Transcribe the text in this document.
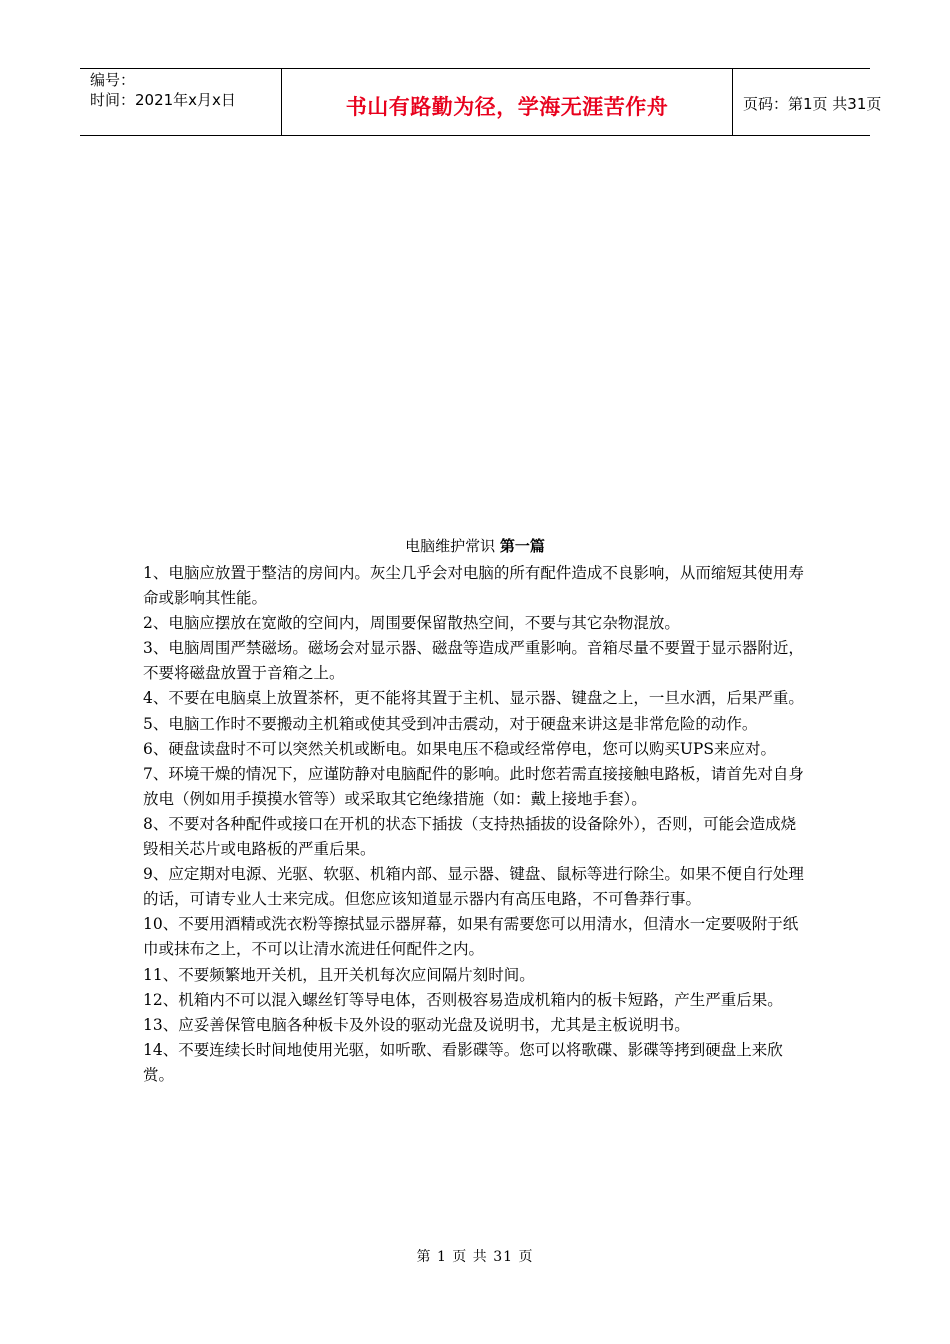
编号：
时间：2021年x月x日	书山有路勤为径，学海无涯苦作舟	页码：第1页 共31页
电脑维护常识 第一篇

1、电脑应放置于整洁的房间内。灰尘几乎会对电脑的所有配件造成不良影响，从而缩短其使用寿命或影响其性能。

2、电脑应摆放在宽敞的空间内，周围要保留散热空间，不要与其它杂物混放。

3、电脑周围严禁磁场。磁场会对显示器、磁盘等造成严重影响。音箱尽量不要置于显示器附近，不要将磁盘放置于音箱之上。

4、不要在电脑桌上放置茶杯，更不能将其置于主机、显示器、键盘之上，一旦水洒，后果严重。

5、电脑工作时不要搬动主机箱或使其受到冲击震动，对于硬盘来讲这是非常危险的动作。

6、硬盘读盘时不可以突然关机或断电。如果电压不稳或经常停电，您可以购买UPS来应对。

7、环境干燥的情况下，应谨防静对电脑配件的影响。此时您若需直接接触电路板，请首先对自身放电（例如用手摸摸水管等）或采取其它绝缘措施（如：戴上接地手套）。

8、不要对各种配件或接口在开机的状态下插拔（支持热插拔的设备除外），否则，可能会造成烧毁相关芯片或电路板的严重后果。

9、应定期对电源、光驱、软驱、机箱内部、显示器、键盘、鼠标等进行除尘。如果不便自行处理的话，可请专业人士来完成。但您应该知道显示器内有高压电路，不可鲁莽行事。

10、不要用酒精或洗衣粉等擦拭显示器屏幕，如果有需要您可以用清水，但清水一定要吸附于纸巾或抹布之上，不可以让清水流进任何配件之内。

11、不要频繁地开关机，且开关机每次应间隔片刻时间。

12、机箱内不可以混入螺丝钉等导电体，否则极容易造成机箱内的板卡短路，产生严重后果。

13、应妥善保管电脑各种板卡及外设的驱动光盘及说明书，尤其是主板说明书。

14、不要连续长时间地使用光驱，如听歌、看影碟等。您可以将歌碟、影碟等拷到硬盘上来欣赏。

第 1 页 共 31 页
